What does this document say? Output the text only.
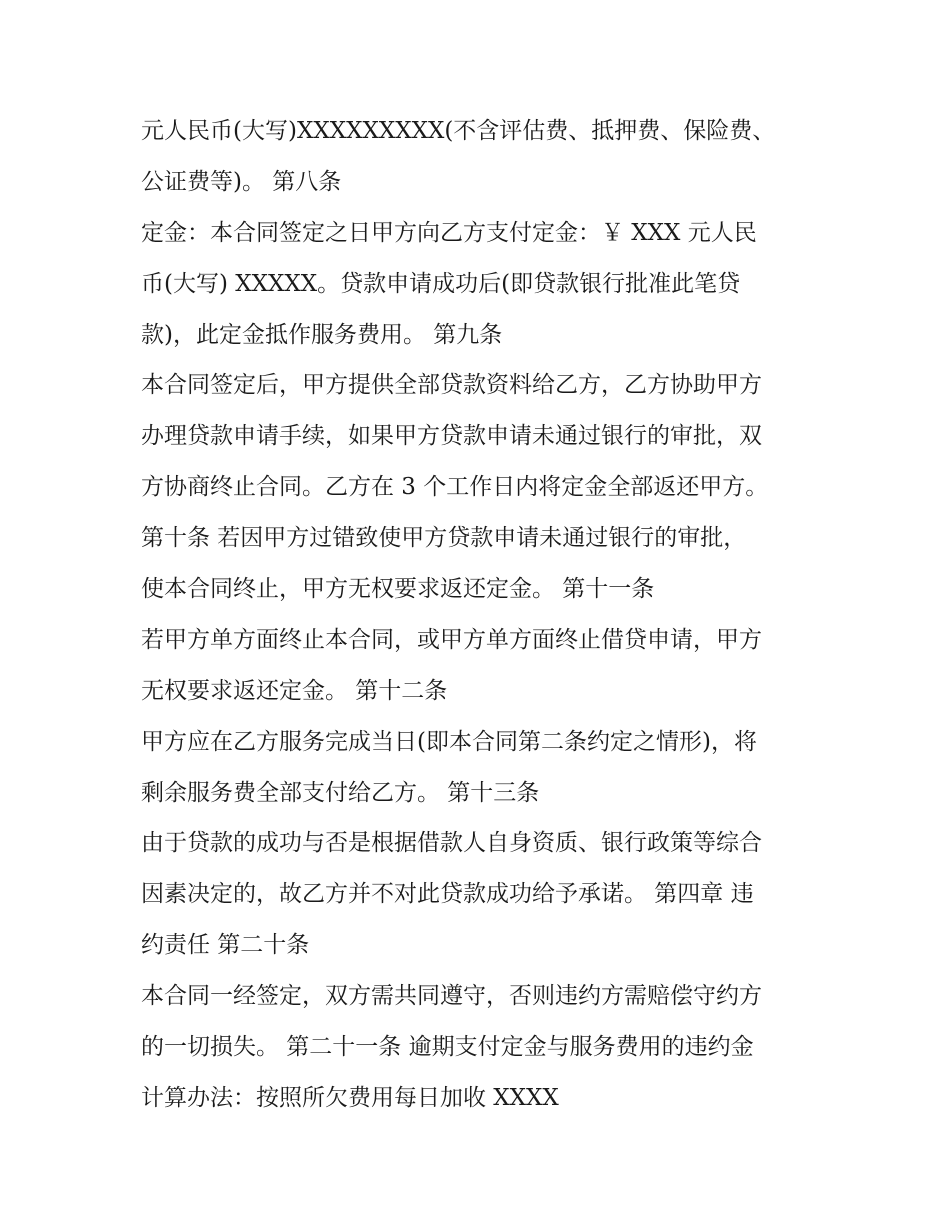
元人民币(大写)XXXXXXXXX(不含评估费、抵押费、保险费、
公证费等)。 第八条
定金：本合同签定之日甲方向乙方支付定金：￥ XXX 元人民
币(大写) XXXXX。贷款申请成功后(即贷款银行批准此笔贷
款)，此定金抵作服务费用。 第九条
本合同签定后，甲方提供全部贷款资料给乙方，乙方协助甲方
办理贷款申请手续，如果甲方贷款申请未通过银行的审批，双
方协商终止合同。乙方在 3 个工作日内将定金全部返还甲方。
第十条 若因甲方过错致使甲方贷款申请未通过银行的审批，
使本合同终止，甲方无权要求返还定金。 第十一条
若甲方单方面终止本合同，或甲方单方面终止借贷申请，甲方
无权要求返还定金。 第十二条
甲方应在乙方服务完成当日(即本合同第二条约定之情形)，将
剩余服务费全部支付给乙方。 第十三条
由于贷款的成功与否是根据借款人自身资质、银行政策等综合
因素决定的，故乙方并不对此贷款成功给予承诺。 第四章 违
约责任 第二十条
本合同一经签定，双方需共同遵守，否则违约方需赔偿守约方
的一切损失。 第二十一条 逾期支付定金与服务费用的违约金
计算办法：按照所欠费用每日加收 XXXX
